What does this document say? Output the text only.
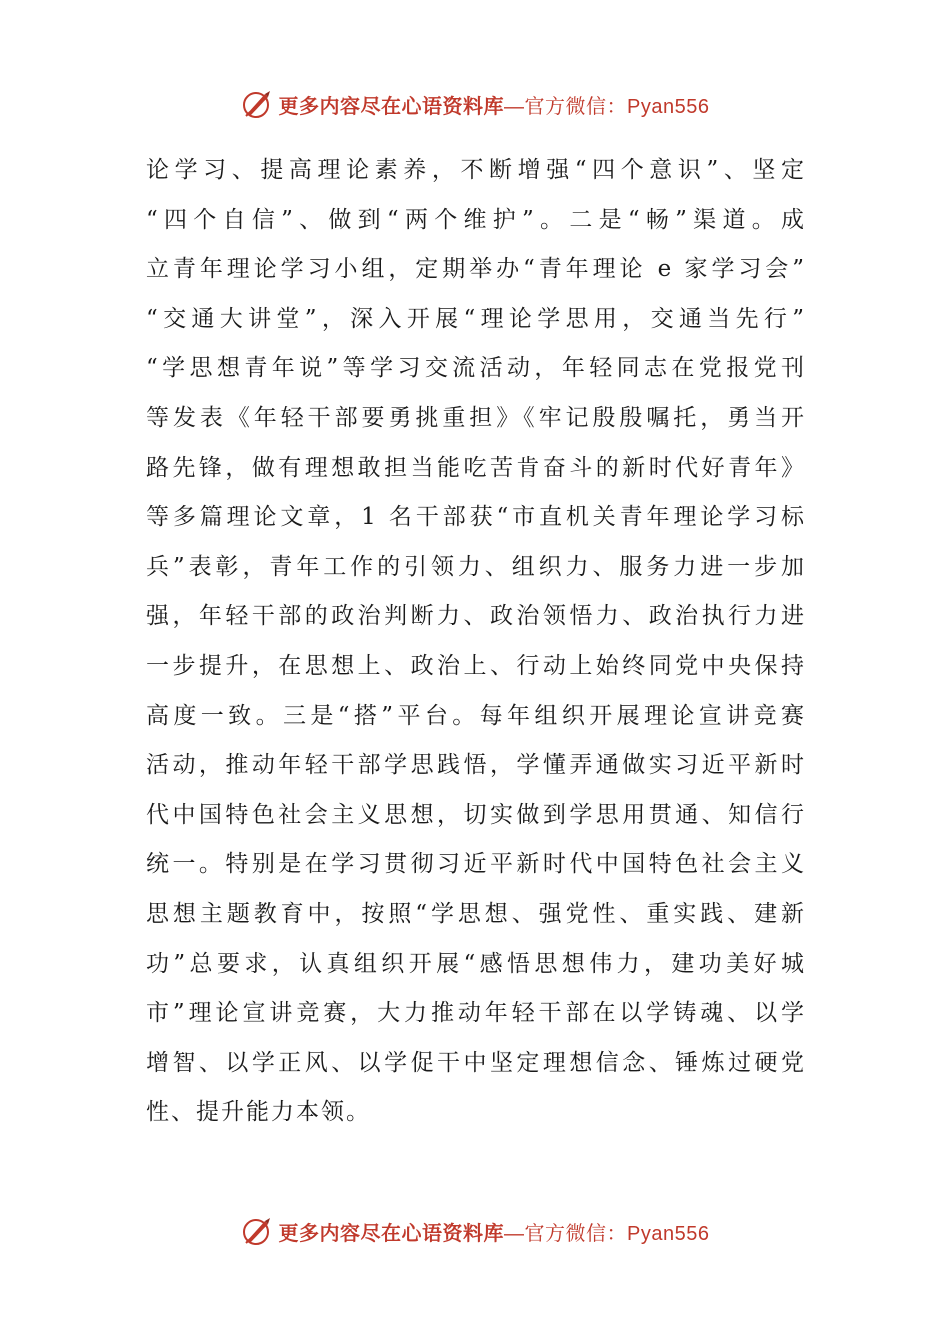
更多内容尽在心语资料库—官方微信：Pyan556
论学习、提高理论素养，不断增强“四个意识”、坚定
“四个自信”、做到“两个维护”。二是“畅”渠道。成
立青年理论学习小组，定期举办“青年理论 e 家学习会”
“交通大讲堂”，深入开展“理论学思用，交通当先行”
“学思想青年说”等学习交流活动，年轻同志在党报党刊
等发表《年轻干部要勇挑重担》《牢记殷殷嘱托，勇当开
路先锋，做有理想敢担当能吃苦肯奋斗的新时代好青年》
等多篇理论文章，1 名干部获“市直机关青年理论学习标
兵”表彰，青年工作的引领力、组织力、服务力进一步加
强，年轻干部的政治判断力、政治领悟力、政治执行力进
一步提升，在思想上、政治上、行动上始终同党中央保持
高度一致。三是“搭”平台。每年组织开展理论宣讲竞赛
活动，推动年轻干部学思践悟，学懂弄通做实习近平新时
代中国特色社会主义思想，切实做到学思用贯通、知信行
统一。特别是在学习贯彻习近平新时代中国特色社会主义
思想主题教育中，按照“学思想、强党性、重实践、建新
功”总要求，认真组织开展“感悟思想伟力，建功美好城
市”理论宣讲竞赛，大力推动年轻干部在以学铸魂、以学
增智、以学正风、以学促干中坚定理想信念、锤炼过硬党
性、提升能力本领。
更多内容尽在心语资料库—官方微信：Pyan556
